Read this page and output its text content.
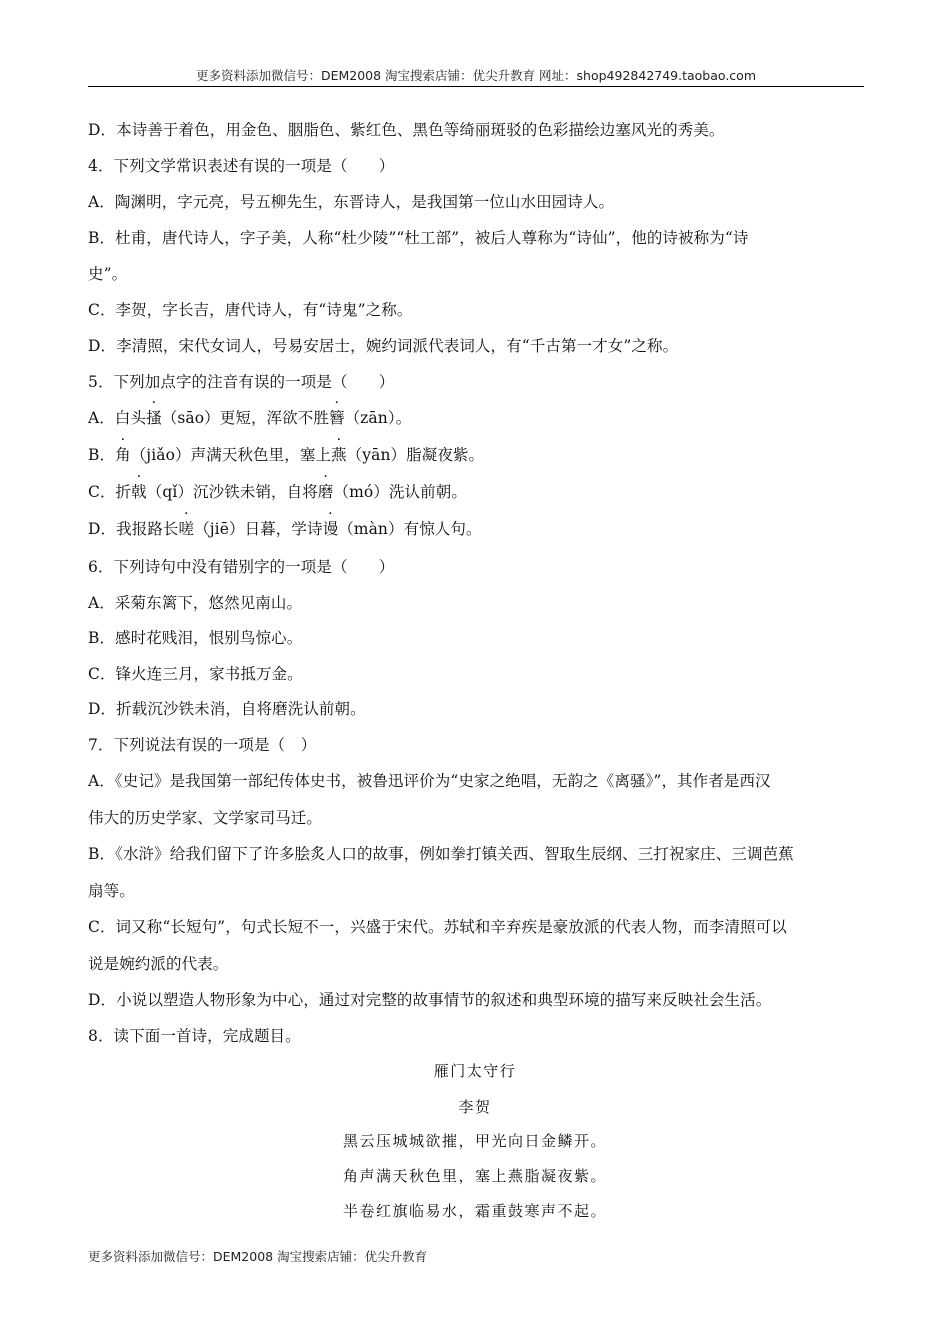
更多资料添加微信号：DEM2008 淘宝搜索店铺：优尖升教育 网址：shop492842749.taobao.com
D．本诗善于着色，用金色、胭脂色、紫红色、黑色等绮丽斑驳的色彩描绘边塞风光的秀美。
4．下列文学常识表述有误的一项是（　　）
A．陶渊明，字元亮，号五柳先生，东晋诗人，是我国第一位山水田园诗人。
B．杜甫，唐代诗人，字子美，人称“杜少陵”“杜工部”，被后人尊称为“诗仙”，他的诗被称为“诗
史”。
C．李贺，字长吉，唐代诗人，有“诗鬼”之称。
D．李清照，宋代女词人，号易安居士，婉约词派代表词人，有“千古第一才女”之称。
5．下列加点字的注音有误的一项是（　　）
A．白头搔（sāo）更短，浑欲不胜簪（zān）。
B．角（jiǎo）声满天秋色里，塞上燕（yān）脂凝夜紫。
C．折戟（qǐ）沉沙铁未销，自将磨（mó）洗认前朝。
D．我报路长嗟（jiē）日暮，学诗谩（màn）有惊人句。
6．下列诗句中没有错别字的一项是（　　）
A．采菊东篱下，悠然见南山。
B．感时花贱泪，恨别鸟惊心。
C．锋火连三月，家书抵万金。
D．折载沉沙铁未消，自将磨洗认前朝。
7．下列说法有误的一项是（　）
A．《史记》是我国第一部纪传体史书，被鲁迅评价为“史家之绝唱，无韵之《离骚》”，其作者是西汉
伟大的历史学家、文学家司马迁。
B．《水浒》给我们留下了许多脍炙人口的故事，例如拳打镇关西、智取生辰纲、三打祝家庄、三调芭蕉
扇等。
C．词又称“长短句”，句式长短不一，兴盛于宋代。苏轼和辛弃疾是豪放派的代表人物，而李清照可以
说是婉约派的代表。
D．小说以塑造人物形象为中心，通过对完整的故事情节的叙述和典型环境的描写来反映社会生活。
8．读下面一首诗，完成题目。
雁门太守行
李贺
黑云压城城欲摧，甲光向日金鳞开。
角声满天秋色里，塞上燕脂凝夜紫。
半卷红旗临易水，霜重鼓寒声不起。
更多资料添加微信号：DEM2008 淘宝搜索店铺：优尖升教育
